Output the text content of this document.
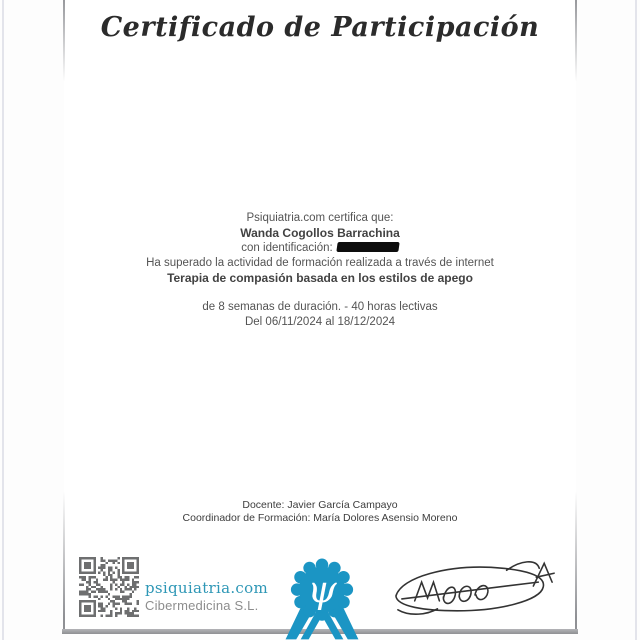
Certificado de Participación
Psiquiatria.com certifica que:
Wanda Cogollos Barrachina
con identificación:
Ha superado la actividad de formación realizada a través de internet
Terapia de compasión basada en los estilos de apego
de 8 semanas de duración. - 40 horas lectivas
Del 06/11/2024 al 18/12/2024
Docente: Javier García Campayo
Coordinador de Formación: María Dolores Asensio Moreno
psiquiatria.com
Cibermedicina S.L. ψ
